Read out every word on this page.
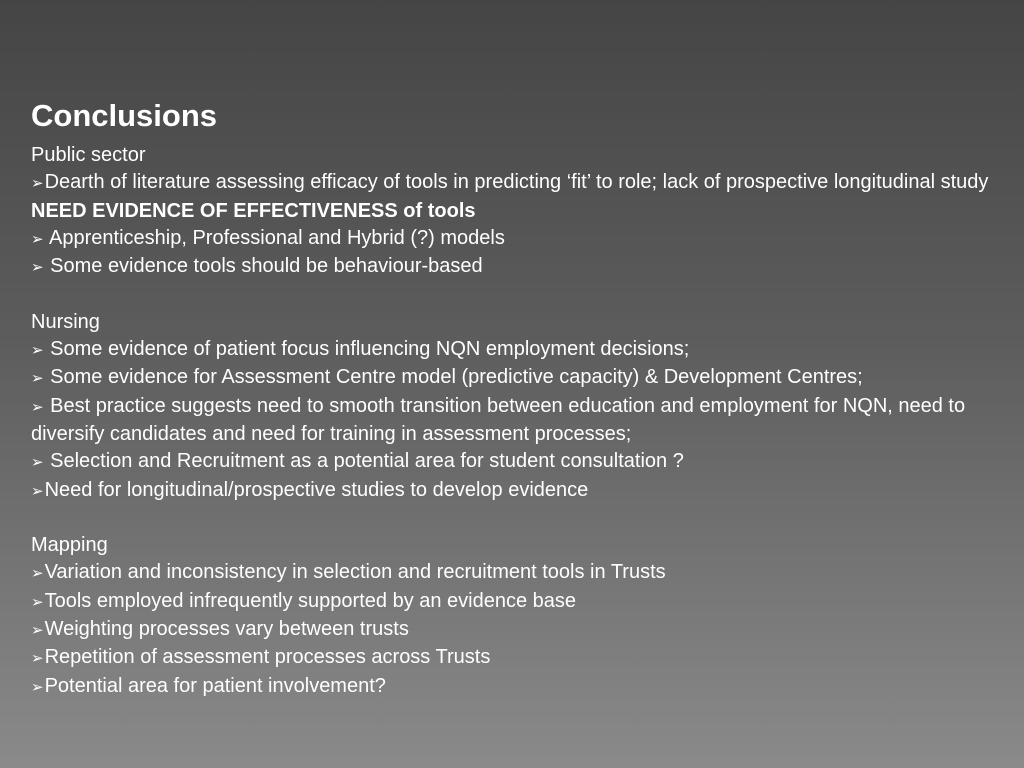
Conclusions
Public sector
➢Dearth of literature assessing efficacy of tools in predicting ‘fit’ to role; lack of prospective longitudinal study NEED EVIDENCE OF EFFECTIVENESS of tools
➢ Apprenticeship, Professional and Hybrid (?) models
➢ Some evidence tools should be behaviour-based
Nursing
➢ Some evidence of patient focus influencing NQN employment decisions;
➢ Some evidence for Assessment Centre model (predictive capacity) & Development Centres;
➢ Best practice suggests need to smooth transition between education and employment for NQN, need to diversify candidates and need for training in assessment processes;
➢ Selection and Recruitment as a potential area for student consultation ?
➢Need for longitudinal/prospective studies to develop evidence
Mapping
➢Variation and inconsistency in selection and recruitment tools in Trusts
➢Tools employed infrequently supported by an evidence base
➢Weighting processes vary between trusts
➢Repetition of assessment processes across Trusts
➢Potential area for patient involvement?
